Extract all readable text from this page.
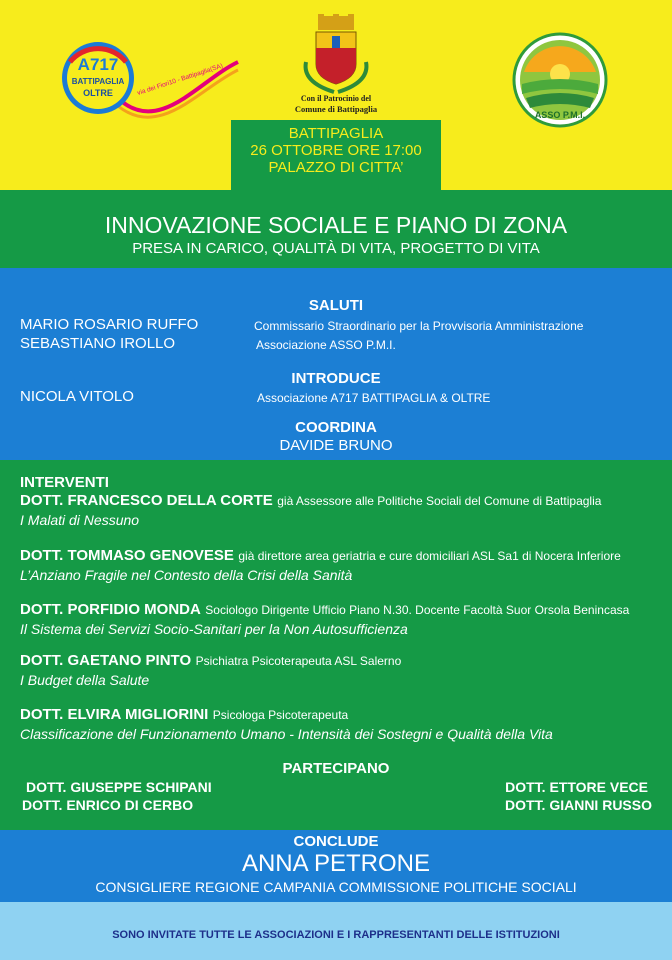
A717
BATTIPAGLIA
OLTRE	via dei Fiori10 - Battipaglia(SA)
Con il Patrocinio del
Comune di Battipaglia
ASSO P.M.I.
BATTIPAGLIA
26 OTTOBRE ORE 17:00
PALAZZO DI CITTA’
INNOVAZIONE SOCIALE E PIANO DI ZONA
PRESA IN CARICO, QUALITÀ DI VITA, PROGETTO DI VITA
SALUTI
MARIO ROSARIO RUFFO	Commissario Straordinario per la Provvisoria Amministrazione
SEBASTIANO IROLLO	Associazione ASSO P.M.I.
INTRODUCE
NICOLA VITOLO	Associazione A717 BATTIPAGLIA & OLTRE
COORDINA
DAVIDE BRUNO
INTERVENTI
DOTT. FRANCESCO DELLA CORTE già Assessore alle Politiche Sociali del Comune di Battipaglia
I Malati di Nessuno
DOTT. TOMMASO GENOVESE già direttore area geriatria e cure domiciliari ASL Sa1 di Nocera Inferiore
L’Anziano Fragile nel Contesto della Crisi della Sanità
DOTT. PORFIDIO MONDA Sociologo Dirigente Ufficio Piano N.30. Docente Facoltà Suor Orsola Benincasa
Il Sistema dei Servizi Socio-Sanitari per la Non Autosufficienza
DOTT. GAETANO PINTO Psichiatra Psicoterapeuta ASL Salerno
I Budget della Salute
DOTT. ELVIRA MIGLIORINI Psicologa Psicoterapeuta
Classificazione del Funzionamento Umano - Intensità dei Sostegni e Qualità della Vita
PARTECIPANO
DOTT. GIUSEPPE SCHIPANI
DOTT. ENRICO DI CERBO
DOTT. ETTORE VECE
DOTT. GIANNI RUSSO
CONCLUDE
ANNA PETRONE
CONSIGLIERE REGIONE CAMPANIA COMMISSIONE POLITICHE SOCIALI
SONO INVITATE TUTTE LE ASSOCIAZIONI E I RAPPRESENTANTI DELLE ISTITUZIONI
